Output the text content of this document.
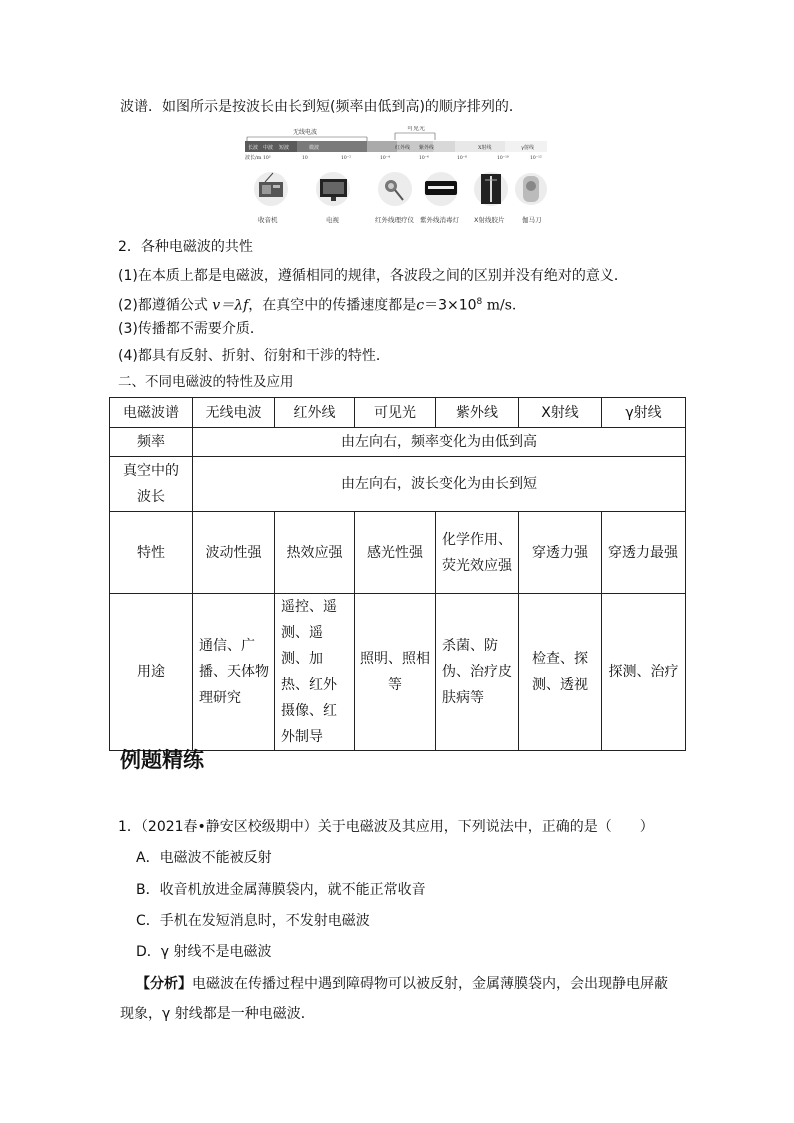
波谱．如图所示是按波长由长到短(频率由低到高)的顺序排列的．
无线电波
可见光
长波 中波 短波	微波	红外线 紫外线	X射线	γ射线
波长/m 10³	10	10⁻²	10⁻⁴	10⁻⁶	10⁻⁸	10⁻¹⁰	10⁻¹²
收音机	电视	红外线理疗仪 紫外线消毒灯 X射线胶片	伽马刀
2．各种电磁波的共性
(1)在本质上都是电磁波，遵循相同的规律，各波段之间的区别并没有绝对的意义．
(2)都遵循公式 v＝λf，在真空中的传播速度都是$c=3\times 10^8$ m/s.
(3)传播都不需要介质．
(4)都具有反射、折射、衍射和干涉的特性．
二、不同电磁波的特性及应用
电磁波谱	无线电波	红外线	可见光	紫外线	X射线	γ射线
频率	由左向右，频率变化为由低到高					

真空中的
波长	由左向右，波长变化为由长到短					
特性	波动性强	热效应强	感光性强	化学作用、荧光效应强	穿透力强	穿透力最强
用途	通信、广播、天体物理研究	遥控、遥测、遥测、加热、红外摄像、红外制导	照明、照相等	杀菌、防伪、治疗皮肤病等	检查、探测、透视	探测、治疗
例题精练
1．（2021春•静安区校级期中）关于电磁波及其应用，下列说法中，正确的是（　　）
A．电磁波不能被反射
B．收音机放进金属薄膜袋内，就不能正常收音
C．手机在发短消息时，不发射电磁波
D．γ 射线不是电磁波
【分析】电磁波在传播过程中遇到障碍物可以被反射，金属薄膜袋内，会出现静电屏蔽
现象，γ 射线都是一种电磁波．
